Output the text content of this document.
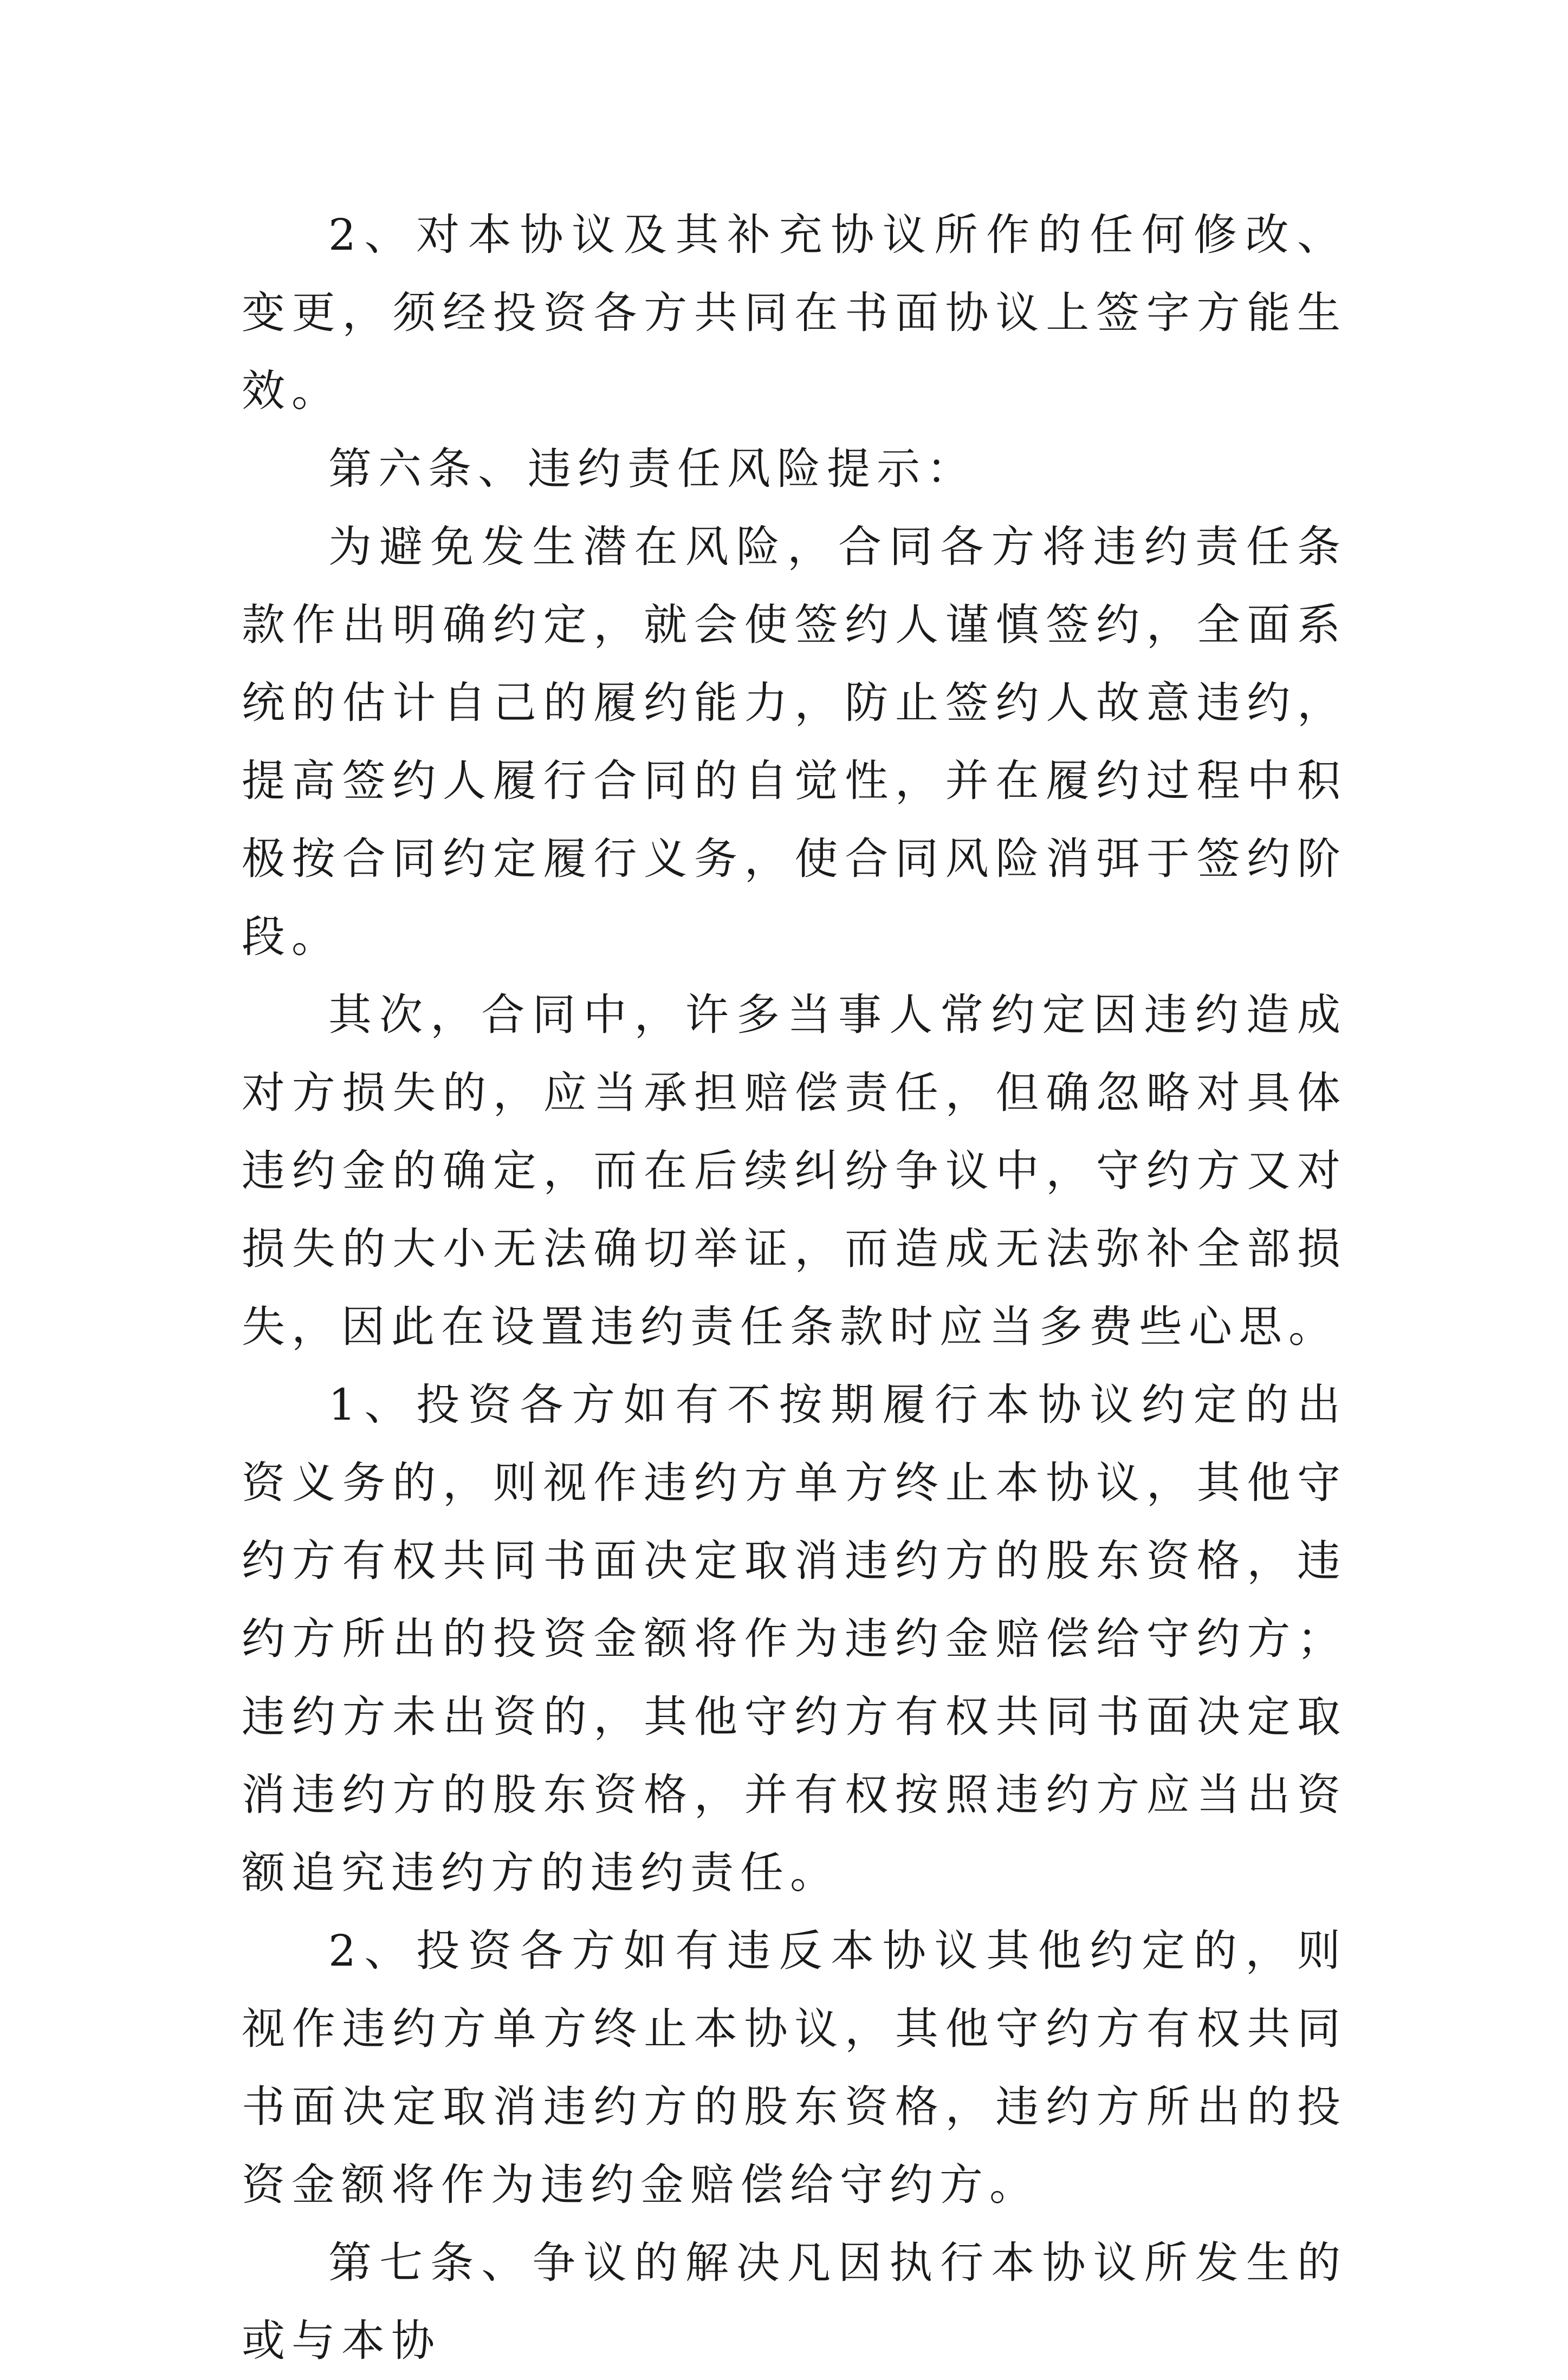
2、对本协议及其补充协议所作的任何修改、变更，须经投资各方共同在书面协议上签字方能生效。

第六条、违约责任风险提示：

为避免发生潜在风险，合同各方将违约责任条款作出明确约定，就会使签约人谨慎签约，全面系统的估计自己的履约能力，防止签约人故意违约，提高签约人履行合同的自觉性，并在履约过程中积极按合同约定履行义务，使合同风险消弭于签约阶段。

其次，合同中，许多当事人常约定因违约造成对方损失的，应当承担赔偿责任，但确忽略对具体违约金的确定，而在后续纠纷争议中，守约方又对损失的大小无法确切举证，而造成无法弥补全部损失，因此在设置违约责任条款时应当多费些心思。

1、投资各方如有不按期履行本协议约定的出资义务的，则视作违约方单方终止本协议，其他守约方有权共同书面决定取消违约方的股东资格，违约方所出的投资金额将作为违约金赔偿给守约方；违约方未出资的，其他守约方有权共同书面决定取消违约方的股东资格，并有权按照违约方应当出资额追究违约方的违约责任。

2、投资各方如有违反本协议其他约定的，则视作违约方单方终止本协议，其他守约方有权共同书面决定取消违约方的股东资格，违约方所出的投资金额将作为违约金赔偿给守约方。

第七条、争议的解决凡因执行本协议所发生的或与本协
